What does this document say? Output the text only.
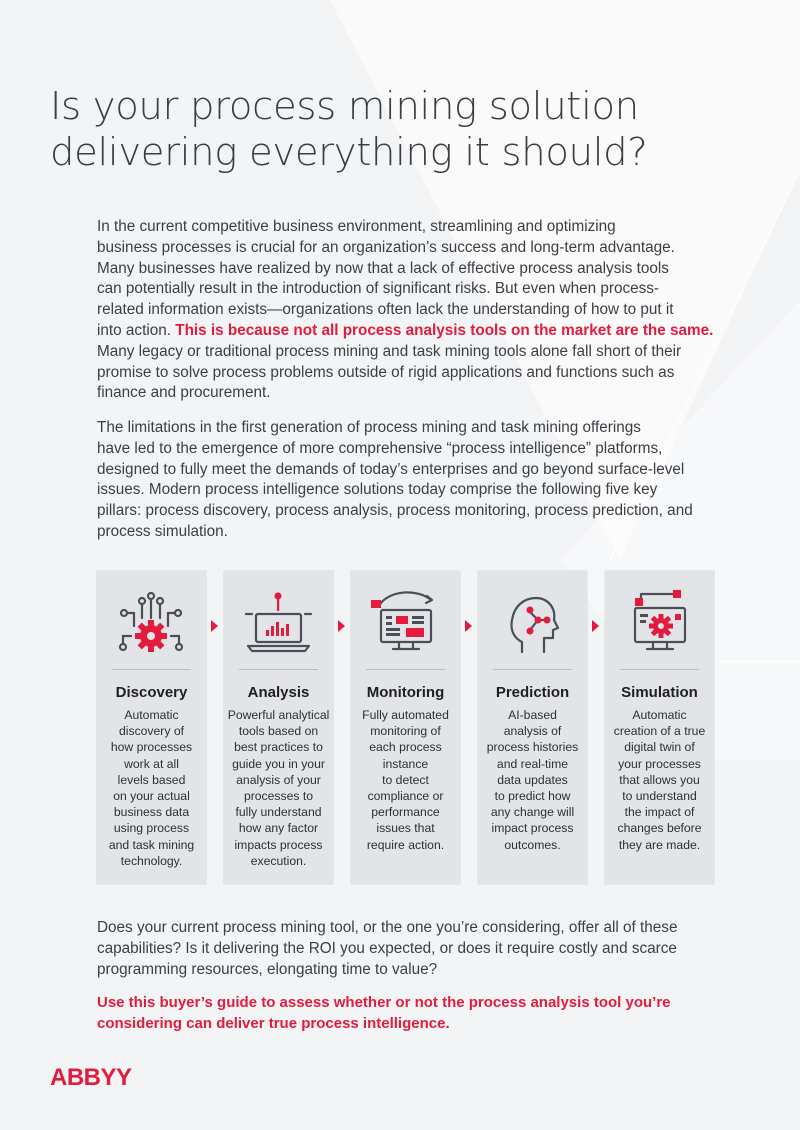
Is your process mining solution
delivering everything it should?

In the current competitive business environment, streamlining and optimizing
business processes is crucial for an organization’s success and long-term advantage.
Many businesses have realized by now that a lack of effective process analysis tools
can potentially result in the introduction of significant risks. But even when process-
related information exists—organizations often lack the understanding of how to put it
into action. This is because not all process analysis tools on the market are the same.
Many legacy or traditional process mining and task mining tools alone fall short of their
promise to solve process problems outside of rigid applications and functions such as
finance and procurement.

The limitations in the first generation of process mining and task mining offerings
have led to the emergence of more comprehensive “process intelligence” platforms,
designed to fully meet the demands of today’s enterprises and go beyond surface-level
issues. Modern process intelligence solutions today comprise the following five key
pillars: process discovery, process analysis, process monitoring, process prediction, and
process simulation.

Discovery
Automatic
discovery of
how processes
work at all
levels based
on your actual
business data
using process
and task mining
technology.
Analysis
Powerful analytical
tools based on
best practices to
guide you in your
analysis of your
processes to
fully understand
how any factor
impacts process
execution.
Monitoring
Fully automated
monitoring of
each process
instance
to detect
compliance or
performance
issues that
require action.
Prediction
AI-based
analysis of
process histories
and real-time
data updates
to predict how
any change will
impact process
outcomes.
Simulation
Automatic
creation of a true
digital twin of
your processes
that allows you
to understand
the impact of
changes before
they are made.

Does your current process mining tool, or the one you’re considering, offer all of these
capabilities? Is it delivering the ROI you expected, or does it require costly and scarce
programming resources, elongating time to value?

Use this buyer’s guide to assess whether or not the process analysis tool you’re
considering can deliver true process intelligence.

ABBYY
